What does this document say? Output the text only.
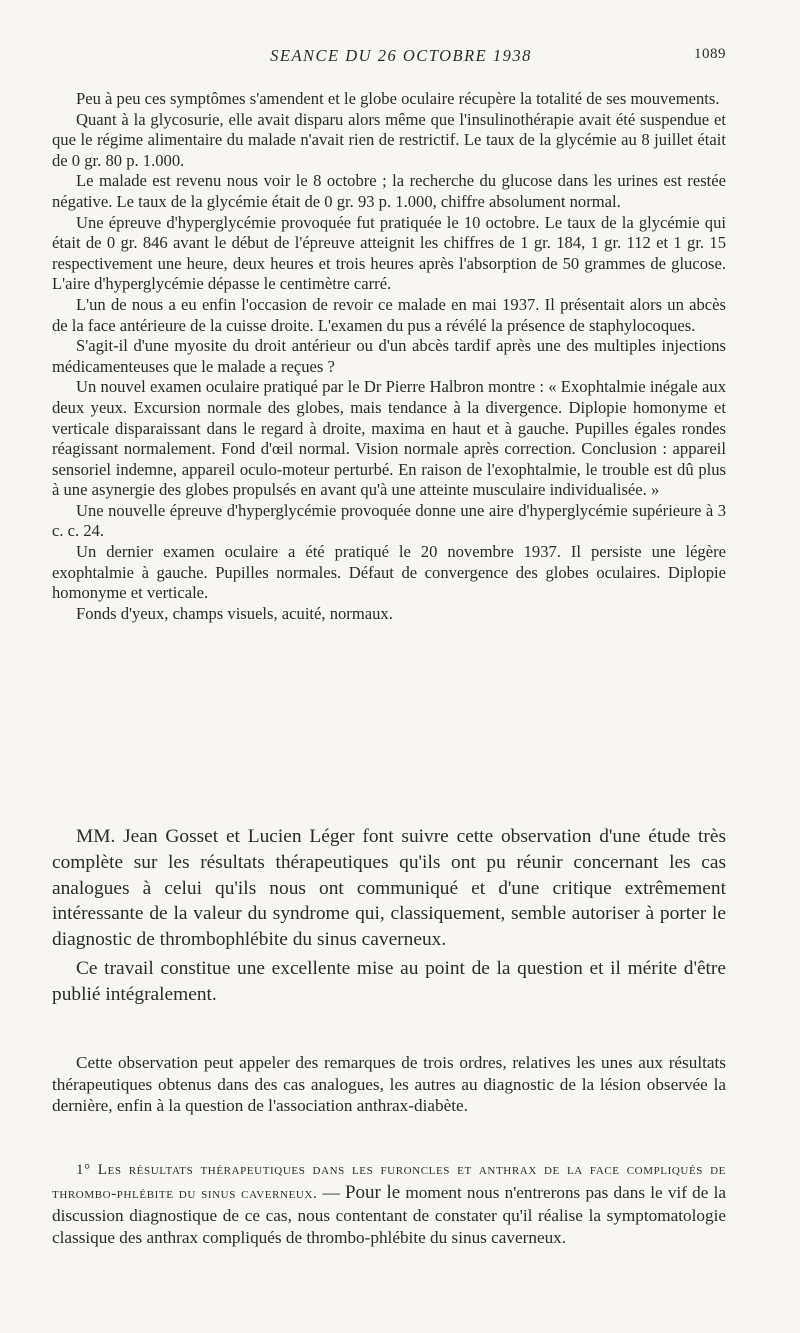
SEANCE DU 26 OCTOBRE 1938	1089

Peu à peu ces symptômes s'amendent et le globe oculaire récupère la totalité de ses mouvements.

Quant à la glycosurie, elle avait disparu alors même que l'insulinothérapie avait été suspendue et que le régime alimentaire du malade n'avait rien de restrictif. Le taux de la glycémie au 8 juillet était de 0 gr. 80 p. 1.000.

Le malade est revenu nous voir le 8 octobre ; la recherche du glucose dans les urines est restée négative. Le taux de la glycémie était de 0 gr. 93 p. 1.000, chiffre absolument normal.

Une épreuve d'hyperglycémie provoquée fut pratiquée le 10 octobre. Le taux de la glycémie qui était de 0 gr. 846 avant le début de l'épreuve atteignit les chiffres de 1 gr. 184, 1 gr. 112 et 1 gr. 15 respectivement une heure, deux heures et trois heures après l'absorption de 50 grammes de glucose. L'aire d'hyperglycémie dépasse le centimètre carré.

L'un de nous a eu enfin l'occasion de revoir ce malade en mai 1937. Il présentait alors un abcès de la face antérieure de la cuisse droite. L'examen du pus a révélé la présence de staphylocoques.

S'agit-il d'une myosite du droit antérieur ou d'un abcès tardif après une des multiples injections médicamenteuses que le malade a reçues ?

Un nouvel examen oculaire pratiqué par le Dr Pierre Halbron montre : « Exophtalmie inégale aux deux yeux. Excursion normale des globes, mais tendance à la divergence. Diplopie homonyme et verticale disparaissant dans le regard à droite, maxima en haut et à gauche. Pupilles égales rondes réagissant normalement. Fond d'œil normal. Vision normale après correction. Conclusion : appareil sensoriel indemne, appareil oculo-moteur perturbé. En raison de l'exophtalmie, le trouble est dû plus à une asynergie des globes propulsés en avant qu'à une atteinte musculaire individualisée. »

Une nouvelle épreuve d'hyperglycémie provoquée donne une aire d'hyperglycémie supérieure à 3 c. c. 24.

Un dernier examen oculaire a été pratiqué le 20 novembre 1937. Il persiste une légère exophtalmie à gauche. Pupilles normales. Défaut de convergence des globes oculaires. Diplopie homonyme et verticale.

Fonds d'yeux, champs visuels, acuité, normaux.

MM. Jean Gosset et Lucien Léger font suivre cette observation d'une étude très complète sur les résultats thérapeutiques qu'ils ont pu réunir concernant les cas analogues à celui qu'ils nous ont communiqué et d'une critique extrêmement intéressante de la valeur du syndrome qui, classiquement, semble autoriser à porter le diagnostic de thrombophlébite du sinus caverneux.

Ce travail constitue une excellente mise au point de la question et il mérite d'être publié intégralement.

Cette observation peut appeler des remarques de trois ordres, relatives les unes aux résultats thérapeutiques obtenus dans des cas analogues, les autres au diagnostic de la lésion observée la dernière, enfin à la question de l'association anthrax-diabète.

1° Les résultats thérapeutiques dans les furoncles et anthrax de la face compliqués de thrombo-phlébite du sinus caverneux. — Pour le moment nous n'entrerons pas dans le vif de la discussion diagnostique de ce cas, nous contentant de constater qu'il réalise la symptomatologie classique des anthrax compliqués de thrombo-phlébite du sinus caverneux.
